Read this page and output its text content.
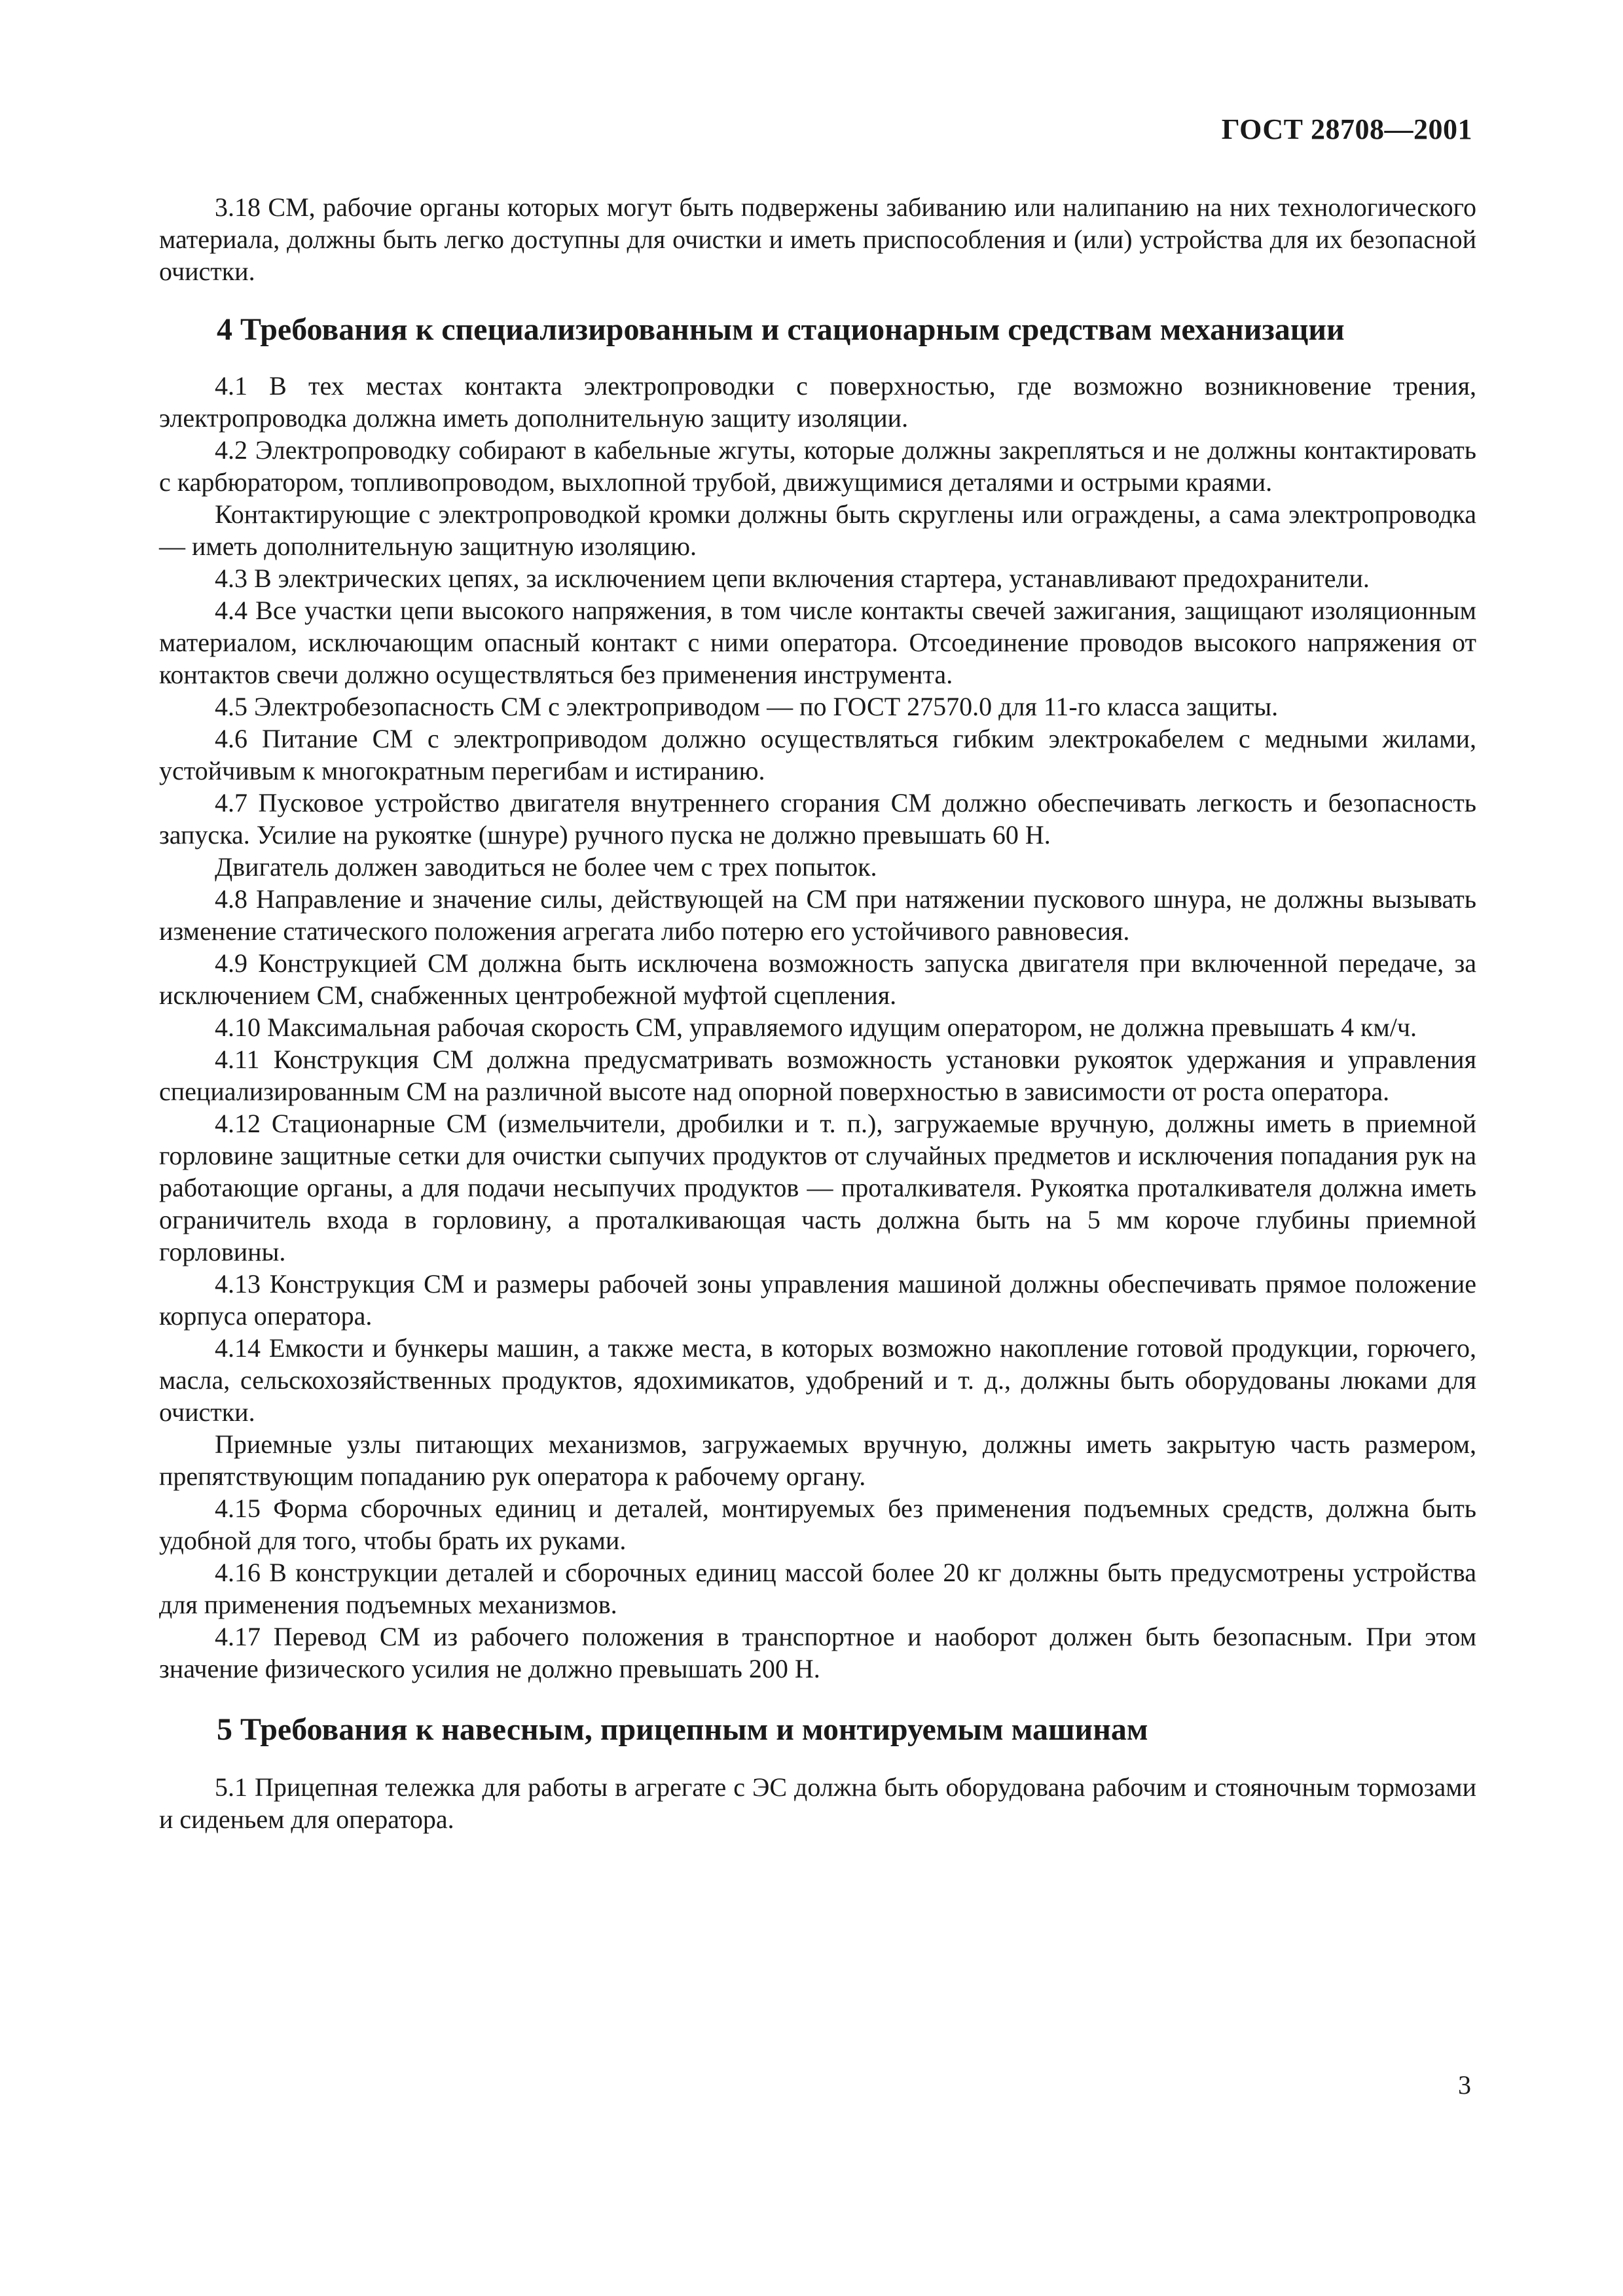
ГОСТ 28708—2001

3.18 СМ, рабочие органы которых могут быть подвержены забиванию или налипанию на них технологического материала, должны быть легко доступны для очистки и иметь приспособления и (или) устройства для их безопасной очистки.

4 Требования к специализированным и стационарным средствам механизации

4.1 В тех местах контакта электропроводки с поверхностью, где возможно возникновение трения, электропроводка должна иметь дополнительную защиту изоляции.

4.2 Электропроводку собирают в кабельные жгуты, которые должны закрепляться и не должны контактировать с карбюратором, топливопроводом, выхлопной трубой, движущимися деталями и острыми краями.

Контактирующие с электропроводкой кромки должны быть скруглены или ограждены, а сама электропроводка — иметь дополнительную защитную изоляцию.

4.3 В электрических цепях, за исключением цепи включения стартера, устанавливают предохранители.

4.4 Все участки цепи высокого напряжения, в том числе контакты свечей зажигания, защищают изоляционным материалом, исключающим опасный контакт с ними оператора. Отсоединение проводов высокого напряжения от контактов свечи должно осуществляться без применения инструмента.

4.5 Электробезопасность СМ с электроприводом — по ГОСТ 27570.0 для 11-го класса защиты.

4.6 Питание СМ с электроприводом должно осуществляться гибким электрокабелем с медными жилами, устойчивым к многократным перегибам и истиранию.

4.7 Пусковое устройство двигателя внутреннего сгорания СМ должно обеспечивать легкость и безопасность запуска. Усилие на рукоятке (шнуре) ручного пуска не должно превышать 60 Н.

Двигатель должен заводиться не более чем с трех попыток.

4.8 Направление и значение силы, действующей на СМ при натяжении пускового шнура, не должны вызывать изменение статического положения агрегата либо потерю его устойчивого равновесия.

4.9 Конструкцией СМ должна быть исключена возможность запуска двигателя при включенной передаче, за исключением СМ, снабженных центробежной муфтой сцепления.

4.10 Максимальная рабочая скорость СМ, управляемого идущим оператором, не должна превышать 4 км/ч.

4.11 Конструкция СМ должна предусматривать возможность установки рукояток удержания и управления специализированным СМ на различной высоте над опорной поверхностью в зависимости от роста оператора.

4.12 Стационарные СМ (измельчители, дробилки и т. п.), загружаемые вручную, должны иметь в приемной горловине защитные сетки для очистки сыпучих продуктов от случайных предметов и исключения попадания рук на работающие органы, а для подачи несыпучих продуктов — проталкивателя. Рукоятка проталкивателя должна иметь ограничитель входа в горловину, а проталкивающая часть должна быть на 5 мм короче глубины приемной горловины.

4.13 Конструкция СМ и размеры рабочей зоны управления машиной должны обеспечивать прямое положение корпуса оператора.

4.14 Емкости и бункеры машин, а также места, в которых возможно накопление готовой продукции, горючего, масла, сельскохозяйственных продуктов, ядохимикатов, удобрений и т. д., должны быть оборудованы люками для очистки.

Приемные узлы питающих механизмов, загружаемых вручную, должны иметь закрытую часть размером, препятствующим попаданию рук оператора к рабочему органу.

4.15 Форма сборочных единиц и деталей, монтируемых без применения подъемных средств, должна быть удобной для того, чтобы брать их руками.

4.16 В конструкции деталей и сборочных единиц массой более 20 кг должны быть предусмотрены устройства для применения подъемных механизмов.

4.17 Перевод СМ из рабочего положения в транспортное и наоборот должен быть безопасным. При этом значение физического усилия не должно превышать 200 Н.

5 Требования к навесным, прицепным и монтируемым машинам

5.1 Прицепная тележка для работы в агрегате с ЭС должна быть оборудована рабочим и стояночным тормозами и сиденьем для оператора.

3
